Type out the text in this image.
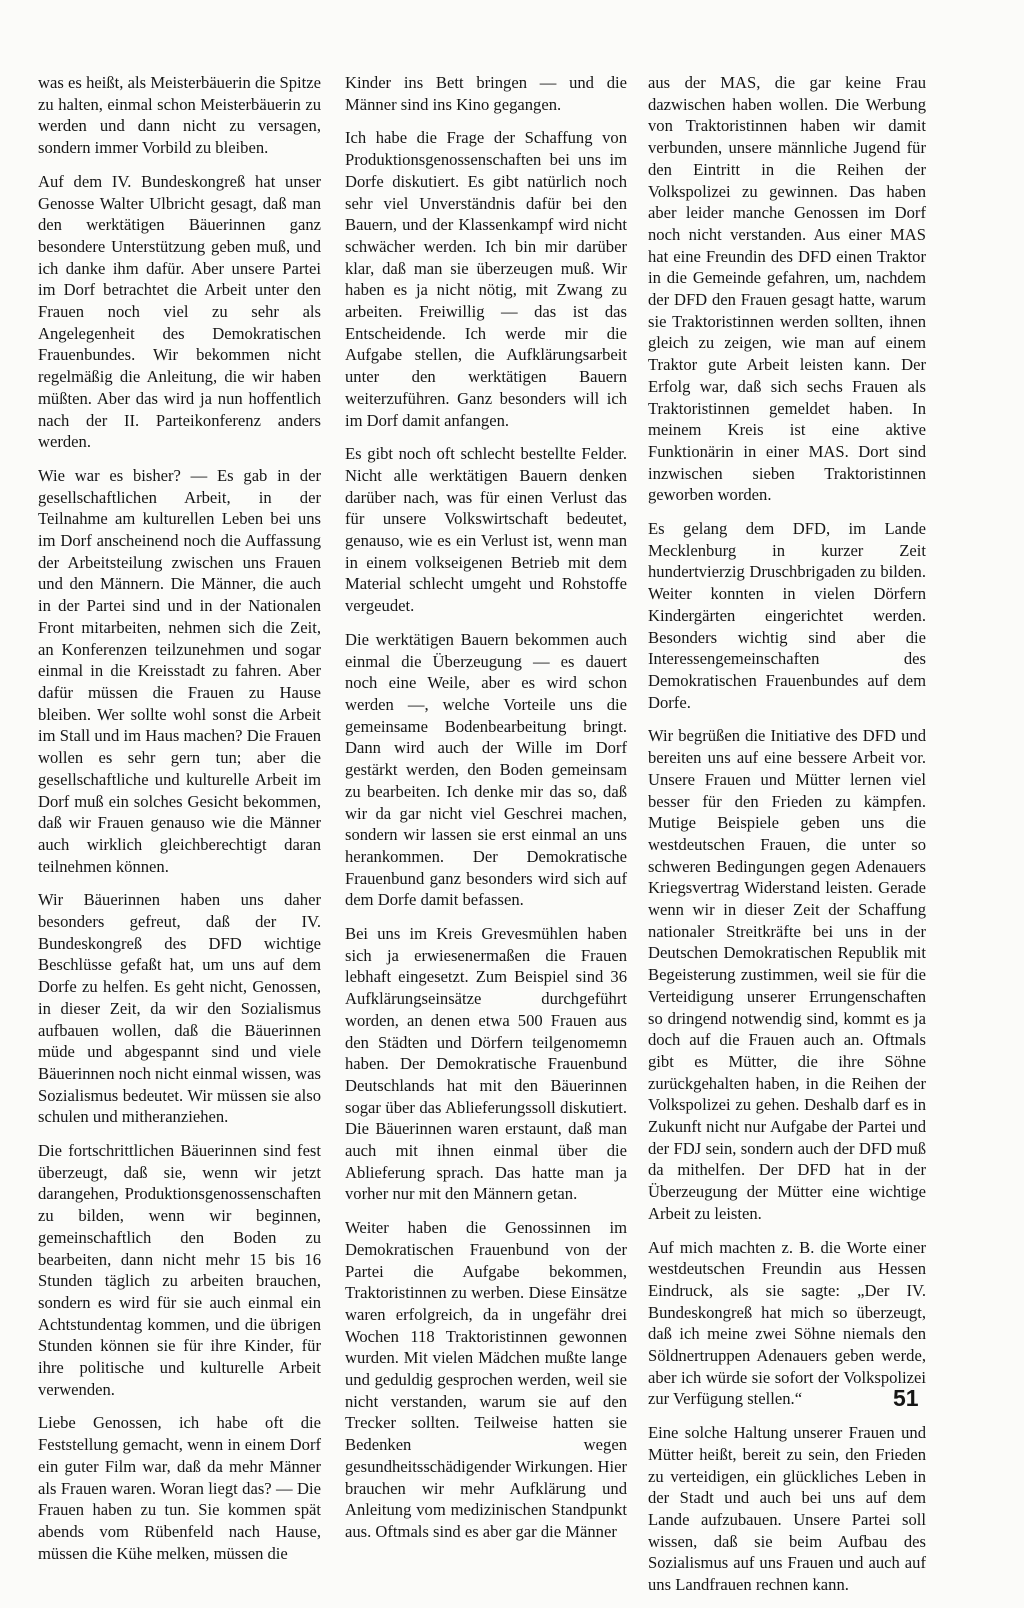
was es heißt, als Meisterbäuerin die Spitze zu halten, einmal schon Meisterbäuerin zu werden und dann nicht zu versagen, sondern immer Vorbild zu bleiben.

Auf dem IV. Bundeskongreß hat unser Genosse Walter Ulbricht gesagt, daß man den werktätigen Bäuerinnen ganz besondere Unterstützung geben muß, und ich danke ihm dafür. Aber unsere Partei im Dorf betrachtet die Arbeit unter den Frauen noch viel zu sehr als Angelegenheit des Demokratischen Frauenbundes. Wir bekommen nicht regelmäßig die Anleitung, die wir haben müßten. Aber das wird ja nun hoffentlich nach der II. Parteikonferenz anders werden.

Wie war es bisher? — Es gab in der gesellschaftlichen Arbeit, in der Teilnahme am kulturellen Leben bei uns im Dorf anscheinend noch die Auffassung der Arbeitsteilung zwischen uns Frauen und den Männern. Die Männer, die auch in der Partei sind und in der Nationalen Front mitarbeiten, nehmen sich die Zeit, an Konferenzen teilzunehmen und sogar einmal in die Kreisstadt zu fahren. Aber dafür müssen die Frauen zu Hause bleiben. Wer sollte wohl sonst die Arbeit im Stall und im Haus machen? Die Frauen wollen es sehr gern tun; aber die gesellschaftliche und kulturelle Arbeit im Dorf muß ein solches Gesicht bekommen, daß wir Frauen genauso wie die Männer auch wirklich gleichberechtigt daran teilnehmen können.

Wir Bäuerinnen haben uns daher besonders gefreut, daß der IV. Bundeskongreß des DFD wichtige Beschlüsse gefaßt hat, um uns auf dem Dorfe zu helfen. Es geht nicht, Genossen, in dieser Zeit, da wir den Sozialismus aufbauen wollen, daß die Bäuerinnen müde und abgespannt sind und viele Bäuerinnen noch nicht einmal wissen, was Sozialismus bedeutet. Wir müssen sie also schulen und mitheranziehen.

Die fortschrittlichen Bäuerinnen sind fest überzeugt, daß sie, wenn wir jetzt darangehen, Produktionsgenossenschaften zu bilden, wenn wir beginnen, gemeinschaftlich den Boden zu bearbeiten, dann nicht mehr 15 bis 16 Stunden täglich zu arbeiten brauchen, sondern es wird für sie auch einmal ein Achtstundentag kommen, und die übrigen Stunden können sie für ihre Kinder, für ihre politische und kulturelle Arbeit verwenden.

Liebe Genossen, ich habe oft die Feststellung gemacht, wenn in einem Dorf ein guter Film war, daß da mehr Männer als Frauen waren. Woran liegt das? — Die Frauen haben zu tun. Sie kommen spät abends vom Rübenfeld nach Hause, müssen die Kühe melken, müssen die

Kinder ins Bett bringen — und die Männer sind ins Kino gegangen.

Ich habe die Frage der Schaffung von Produktionsgenossenschaften bei uns im Dorfe diskutiert. Es gibt natürlich noch sehr viel Unverständnis dafür bei den Bauern, und der Klassenkampf wird nicht schwächer werden. Ich bin mir darüber klar, daß man sie überzeugen muß. Wir haben es ja nicht nötig, mit Zwang zu arbeiten. Freiwillig — das ist das Entscheidende. Ich werde mir die Aufgabe stellen, die Aufklärungsarbeit unter den werktätigen Bauern weiterzuführen. Ganz besonders will ich im Dorf damit anfangen.

Es gibt noch oft schlecht bestellte Felder. Nicht alle werktätigen Bauern denken darüber nach, was für einen Verlust das für unsere Volkswirtschaft bedeutet, genauso, wie es ein Verlust ist, wenn man in einem volkseigenen Betrieb mit dem Material schlecht umgeht und Rohstoffe vergeudet.

Die werktätigen Bauern bekommen auch einmal die Überzeugung — es dauert noch eine Weile, aber es wird schon werden —, welche Vorteile uns die gemeinsame Bodenbearbeitung bringt. Dann wird auch der Wille im Dorf gestärkt werden, den Boden gemeinsam zu bearbeiten. Ich denke mir das so, daß wir da gar nicht viel Geschrei machen, sondern wir lassen sie erst einmal an uns herankommen. Der Demokratische Frauenbund ganz besonders wird sich auf dem Dorfe damit befassen.

Bei uns im Kreis Grevesmühlen haben sich ja erwiesenermaßen die Frauen lebhaft eingesetzt. Zum Beispiel sind 36 Aufklärungseinsätze durchgeführt worden, an denen etwa 500 Frauen aus den Städten und Dörfern teilgenomemn haben. Der Demokratische Frauenbund Deutschlands hat mit den Bäuerinnen sogar über das Ablieferungssoll diskutiert. Die Bäuerinnen waren erstaunt, daß man auch mit ihnen einmal über die Ablieferung sprach. Das hatte man ja vorher nur mit den Männern getan.

Weiter haben die Genossinnen im Demokratischen Frauenbund von der Partei die Aufgabe bekommen, Traktoristinnen zu werben. Diese Einsätze waren erfolgreich, da in ungefähr drei Wochen 118 Traktoristinnen gewonnen wurden. Mit vielen Mädchen mußte lange und geduldig gesprochen werden, weil sie nicht verstanden, warum sie auf den Trecker sollten. Teilweise hatten sie Bedenken wegen gesundheitsschädigender Wirkungen. Hier brauchen wir mehr Aufklärung und Anleitung vom medizinischen Standpunkt aus. Oftmals sind es aber gar die Männer

aus der MAS, die gar keine Frau dazwischen haben wollen. Die Werbung von Traktoristinnen haben wir damit verbunden, unsere männliche Jugend für den Eintritt in die Reihen der Volkspolizei zu gewinnen. Das haben aber leider manche Genossen im Dorf noch nicht verstanden. Aus einer MAS hat eine Freundin des DFD einen Traktor in die Gemeinde gefahren, um, nachdem der DFD den Frauen gesagt hatte, warum sie Traktoristinnen werden sollten, ihnen gleich zu zeigen, wie man auf einem Traktor gute Arbeit leisten kann. Der Erfolg war, daß sich sechs Frauen als Traktoristinnen gemeldet haben. In meinem Kreis ist eine aktive Funktionärin in einer MAS. Dort sind inzwischen sieben Traktoristinnen geworben worden.

Es gelang dem DFD, im Lande Mecklenburg in kurzer Zeit hundertvierzig Druschbrigaden zu bilden. Weiter konnten in vielen Dörfern Kindergärten eingerichtet werden. Besonders wichtig sind aber die Interessengemeinschaften des Demokratischen Frauenbundes auf dem Dorfe.

Wir begrüßen die Initiative des DFD und bereiten uns auf eine bessere Arbeit vor. Unsere Frauen und Mütter lernen viel besser für den Frieden zu kämpfen. Mutige Beispiele geben uns die westdeutschen Frauen, die unter so schweren Bedingungen gegen Adenauers Kriegsvertrag Widerstand leisten. Gerade wenn wir in dieser Zeit der Schaffung nationaler Streitkräfte bei uns in der Deutschen Demokratischen Republik mit Begeisterung zustimmen, weil sie für die Verteidigung unserer Errungenschaften so dringend notwendig sind, kommt es ja doch auf die Frauen auch an. Oftmals gibt es Mütter, die ihre Söhne zurückgehalten haben, in die Reihen der Volkspolizei zu gehen. Deshalb darf es in Zukunft nicht nur Aufgabe der Partei und der FDJ sein, sondern auch der DFD muß da mithelfen. Der DFD hat in der Überzeugung der Mütter eine wichtige Arbeit zu leisten.

Auf mich machten z. B. die Worte einer westdeutschen Freundin aus Hessen Eindruck, als sie sagte: „Der IV. Bundeskongreß hat mich so überzeugt, daß ich meine zwei Söhne niemals den Söldnertruppen Adenauers geben werde, aber ich würde sie sofort der Volkspolizei zur Verfügung stellen.“

Eine solche Haltung unserer Frauen und Mütter heißt, bereit zu sein, den Frieden zu verteidigen, ein glückliches Leben in der Stadt und auch bei uns auf dem Lande aufzubauen. Unsere Partei soll wissen, daß sie beim Aufbau des Sozialismus auf uns Frauen und auch auf uns Landfrauen rechnen kann.

51
